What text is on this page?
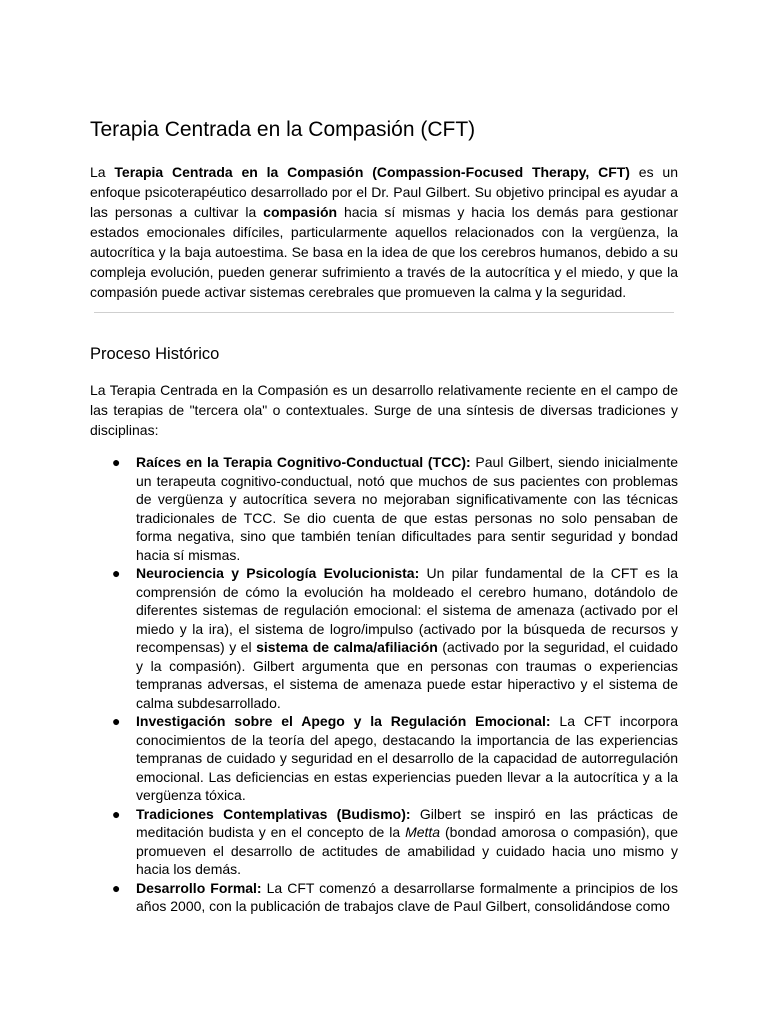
Terapia Centrada en la Compasión (CFT)

La Terapia Centrada en la Compasión (Compassion-Focused Therapy, CFT) es un enfoque psicoterapéutico desarrollado por el Dr. Paul Gilbert. Su objetivo principal es ayudar a las personas a cultivar la compasión hacia sí mismas y hacia los demás para gestionar estados emocionales difíciles, particularmente aquellos relacionados con la vergüenza, la autocrítica y la baja autoestima. Se basa en la idea de que los cerebros humanos, debido a su compleja evolución, pueden generar sufrimiento a través de la autocrítica y el miedo, y que la compasión puede activar sistemas cerebrales que promueven la calma y la seguridad.

Proceso Histórico

La Terapia Centrada en la Compasión es un desarrollo relativamente reciente en el campo de las terapias de "tercera ola" o contextuales. Surge de una síntesis de diversas tradiciones y disciplinas:

● Raíces en la Terapia Cognitivo-Conductual (TCC): Paul Gilbert, siendo inicialmente un terapeuta cognitivo-conductual, notó que muchos de sus pacientes con problemas de vergüenza y autocrítica severa no mejoraban significativamente con las técnicas tradicionales de TCC. Se dio cuenta de que estas personas no solo pensaban de forma negativa, sino que también tenían dificultades para sentir seguridad y bondad hacia sí mismas.
● Neurociencia y Psicología Evolucionista: Un pilar fundamental de la CFT es la comprensión de cómo la evolución ha moldeado el cerebro humano, dotándolo de diferentes sistemas de regulación emocional: el sistema de amenaza (activado por el miedo y la ira), el sistema de logro/impulso (activado por la búsqueda de recursos y recompensas) y el sistema de calma/afiliación (activado por la seguridad, el cuidado y la compasión). Gilbert argumenta que en personas con traumas o experiencias tempranas adversas, el sistema de amenaza puede estar hiperactivo y el sistema de calma subdesarrollado.
● Investigación sobre el Apego y la Regulación Emocional: La CFT incorpora conocimientos de la teoría del apego, destacando la importancia de las experiencias tempranas de cuidado y seguridad en el desarrollo de la capacidad de autorregulación emocional. Las deficiencias en estas experiencias pueden llevar a la autocrítica y a la vergüenza tóxica.
● Tradiciones Contemplativas (Budismo): Gilbert se inspiró en las prácticas de meditación budista y en el concepto de la Metta (bondad amorosa o compasión), que promueven el desarrollo de actitudes de amabilidad y cuidado hacia uno mismo y hacia los demás.
● Desarrollo Formal: La CFT comenzó a desarrollarse formalmente a principios de los años 2000, con la publicación de trabajos clave de Paul Gilbert, consolidándose como
